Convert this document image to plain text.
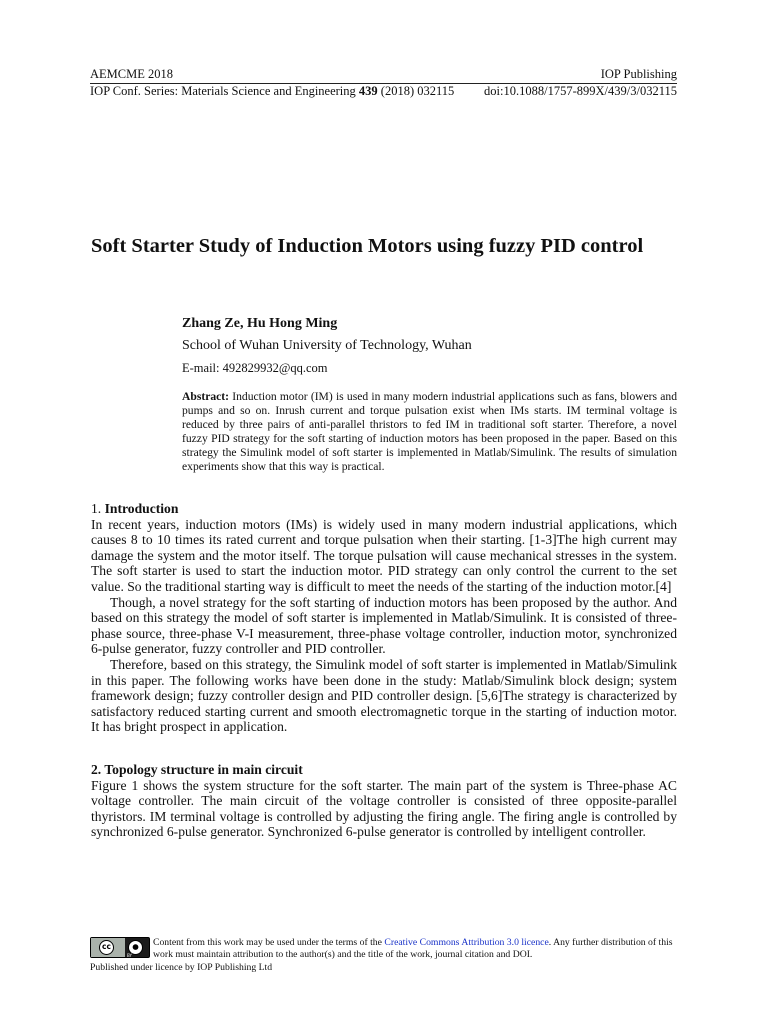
AEMCME 2018	IOP Publishing
IOP Conf. Series: Materials Science and Engineering 439 (2018) 032115 doi:10.1088/1757-899X/439/3/032115
Soft Starter Study of Induction Motors using fuzzy PID control
Zhang Ze, Hu Hong Ming
School of Wuhan University of Technology, Wuhan
E-mail: 492829932@qq.com
Abstract: Induction motor (IM) is used in many modern industrial applications such as fans, blowers and pumps and so on. Inrush current and torque pulsation exist when IMs starts. IM terminal voltage is reduced by three pairs of anti-parallel thristors to fed IM in traditional soft starter. Therefore, a novel fuzzy PID strategy for the soft starting of induction motors has been proposed in the paper. Based on this strategy the Simulink model of soft starter is implemented in Matlab/Simulink. The results of simulation experiments show that this way is practical.
1. Introduction

In recent years, induction motors (IMs) is widely used in many modern industrial applications, which causes 8 to 10 times its rated current and torque pulsation when their starting. [1-3]The high current may damage the system and the motor itself. The torque pulsation will cause mechanical stresses in the system. The soft starter is used to start the induction motor. PID strategy can only control the current to the set value. So the traditional starting way is difficult to meet the needs of the starting of the induction motor.[4]

Though, a novel strategy for the soft starting of induction motors has been proposed by the author. And based on this strategy the model of soft starter is implemented in Matlab/Simulink. It is consisted of three-phase source, three-phase V-I measurement, three-phase voltage controller, induction motor, synchronized 6-pulse generator, fuzzy controller and PID controller.

Therefore, based on this strategy, the Simulink model of soft starter is implemented in Matlab/Simulink in this paper. The following works have been done in the study: Matlab/Simulink block design; system framework design; fuzzy controller design and PID controller design. [5,6]The strategy is characterized by satisfactory reduced starting current and smooth electromagnetic torque in the starting of induction motor. It has bright prospect in application.

2. Topology structure in main circuit

Figure 1 shows the system structure for the soft starter. The main part of the system is Three-phase AC voltage controller. The main circuit of the voltage controller is consisted of three opposite-parallel thyristors. IM terminal voltage is controlled by adjusting the firing angle. The firing angle is controlled by synchronized 6-pulse generator. Synchronized 6-pulse generator is controlled by intelligent controller.

cc	●
BY
Content from this work may be used under the terms of the Creative Commons Attribution 3.0 licence. Any further distribution of this work must maintain attribution to the author(s) and the title of the work, journal citation and DOI.
Published under licence by IOP Publishing Ltd
